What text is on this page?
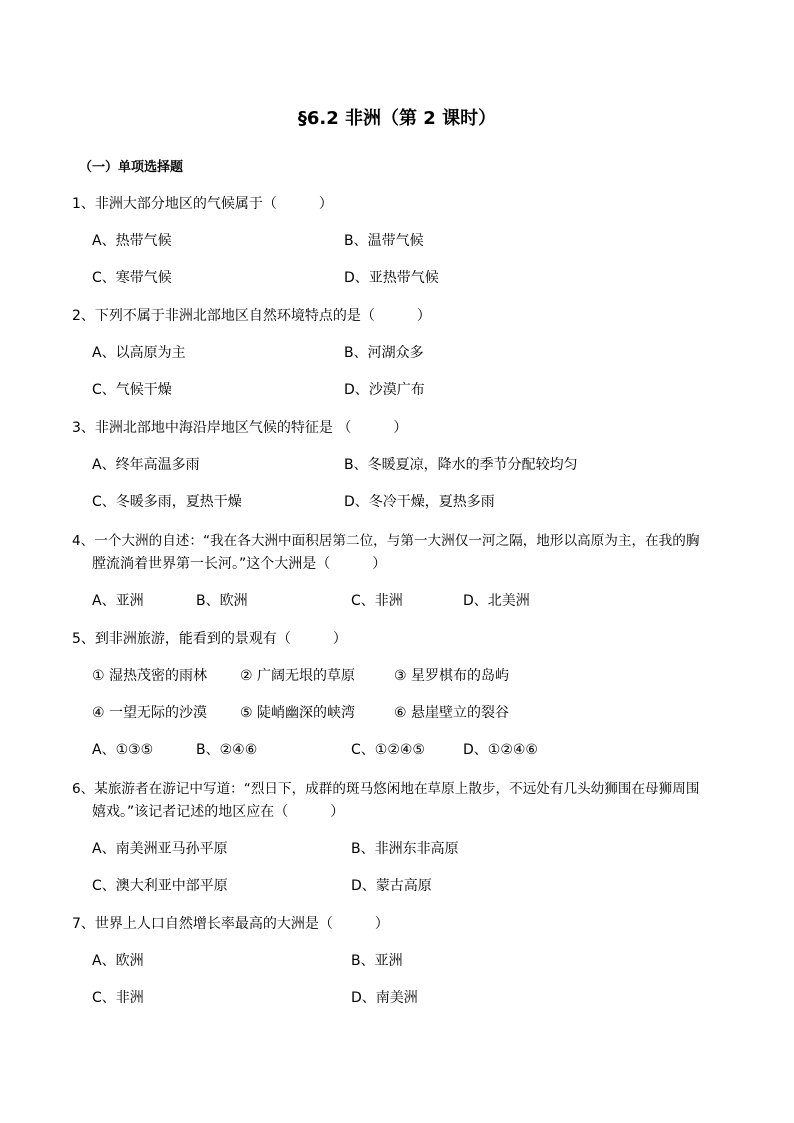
§6.2 非洲（第 2 课时）
（一）单项选择题
1、非洲大部分地区的气候属于（　　　）
A、热带气候	B、温带气候
C、寒带气候	D、亚热带气候
2、下列不属于非洲北部地区自然环境特点的是（　　　）
A、以高原为主	B、河湖众多
C、气候干燥	D、沙漠广布
3、非洲北部地中海沿岸地区气候的特征是 （　　　）
A、终年高温多雨	B、冬暖夏凉，降水的季节分配较均匀
C、冬暖多雨，夏热干燥	D、冬冷干燥，夏热多雨
4、一个大洲的自述：“我在各大洲中面积居第二位，与第一大洲仅一河之隔，地形以高原为主，在我的胸
膛流淌着世界第一长河。”这个大洲是（　　　）
A、亚洲	B、欧洲	C、非洲	D、北美洲
5、到非洲旅游，能看到的景观有（　　　）
① 湿热茂密的雨林 ② 广阔无垠的草原	③ 星罗棋布的岛屿
④ 一望无际的沙漠 ⑤ 陡峭幽深的峡湾	⑥ 悬崖壁立的裂谷
A、①③⑤	B、②④⑥	C、①②④⑤	D、①②④⑥
6、某旅游者在游记中写道：“烈日下，成群的斑马悠闲地在草原上散步，不远处有几头幼狮围在母狮周围
嬉戏。”该记者记述的地区应在（　　　）
A、南美洲亚马孙平原	B、非洲东非高原
C、澳大利亚中部平原	D、蒙古高原
7、世界上人口自然增长率最高的大洲是（　　　）
A、欧洲	B、亚洲
C、非洲	D、南美洲
